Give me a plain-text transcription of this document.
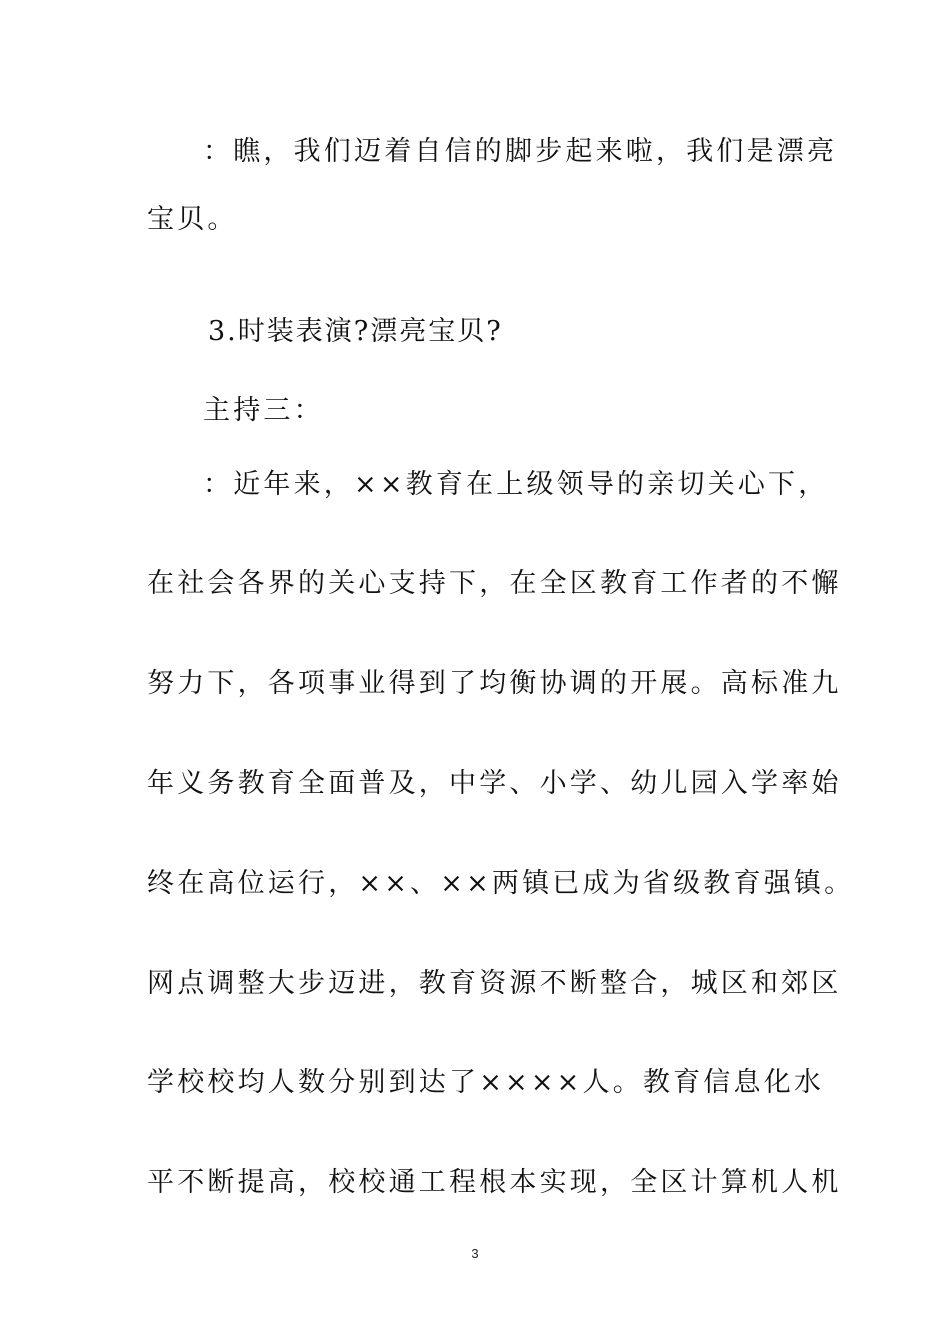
：瞧，我们迈着自信的脚步起来啦，我们是漂亮
宝贝。
3.时装表演?漂亮宝贝?
主持三：
：近年来，××教育在上级领导的亲切关心下，
在社会各界的关心支持下，在全区教育工作者的不懈
努力下，各项事业得到了均衡协调的开展。高标准九
年义务教育全面普及，中学、小学、幼儿园入学率始
终在高位运行，××、××两镇已成为省级教育强镇。
网点调整大步迈进，教育资源不断整合，城区和郊区
学校校均人数分别到达了××××人。教育信息化水
平不断提高，校校通工程根本实现，全区计算机人机
3
